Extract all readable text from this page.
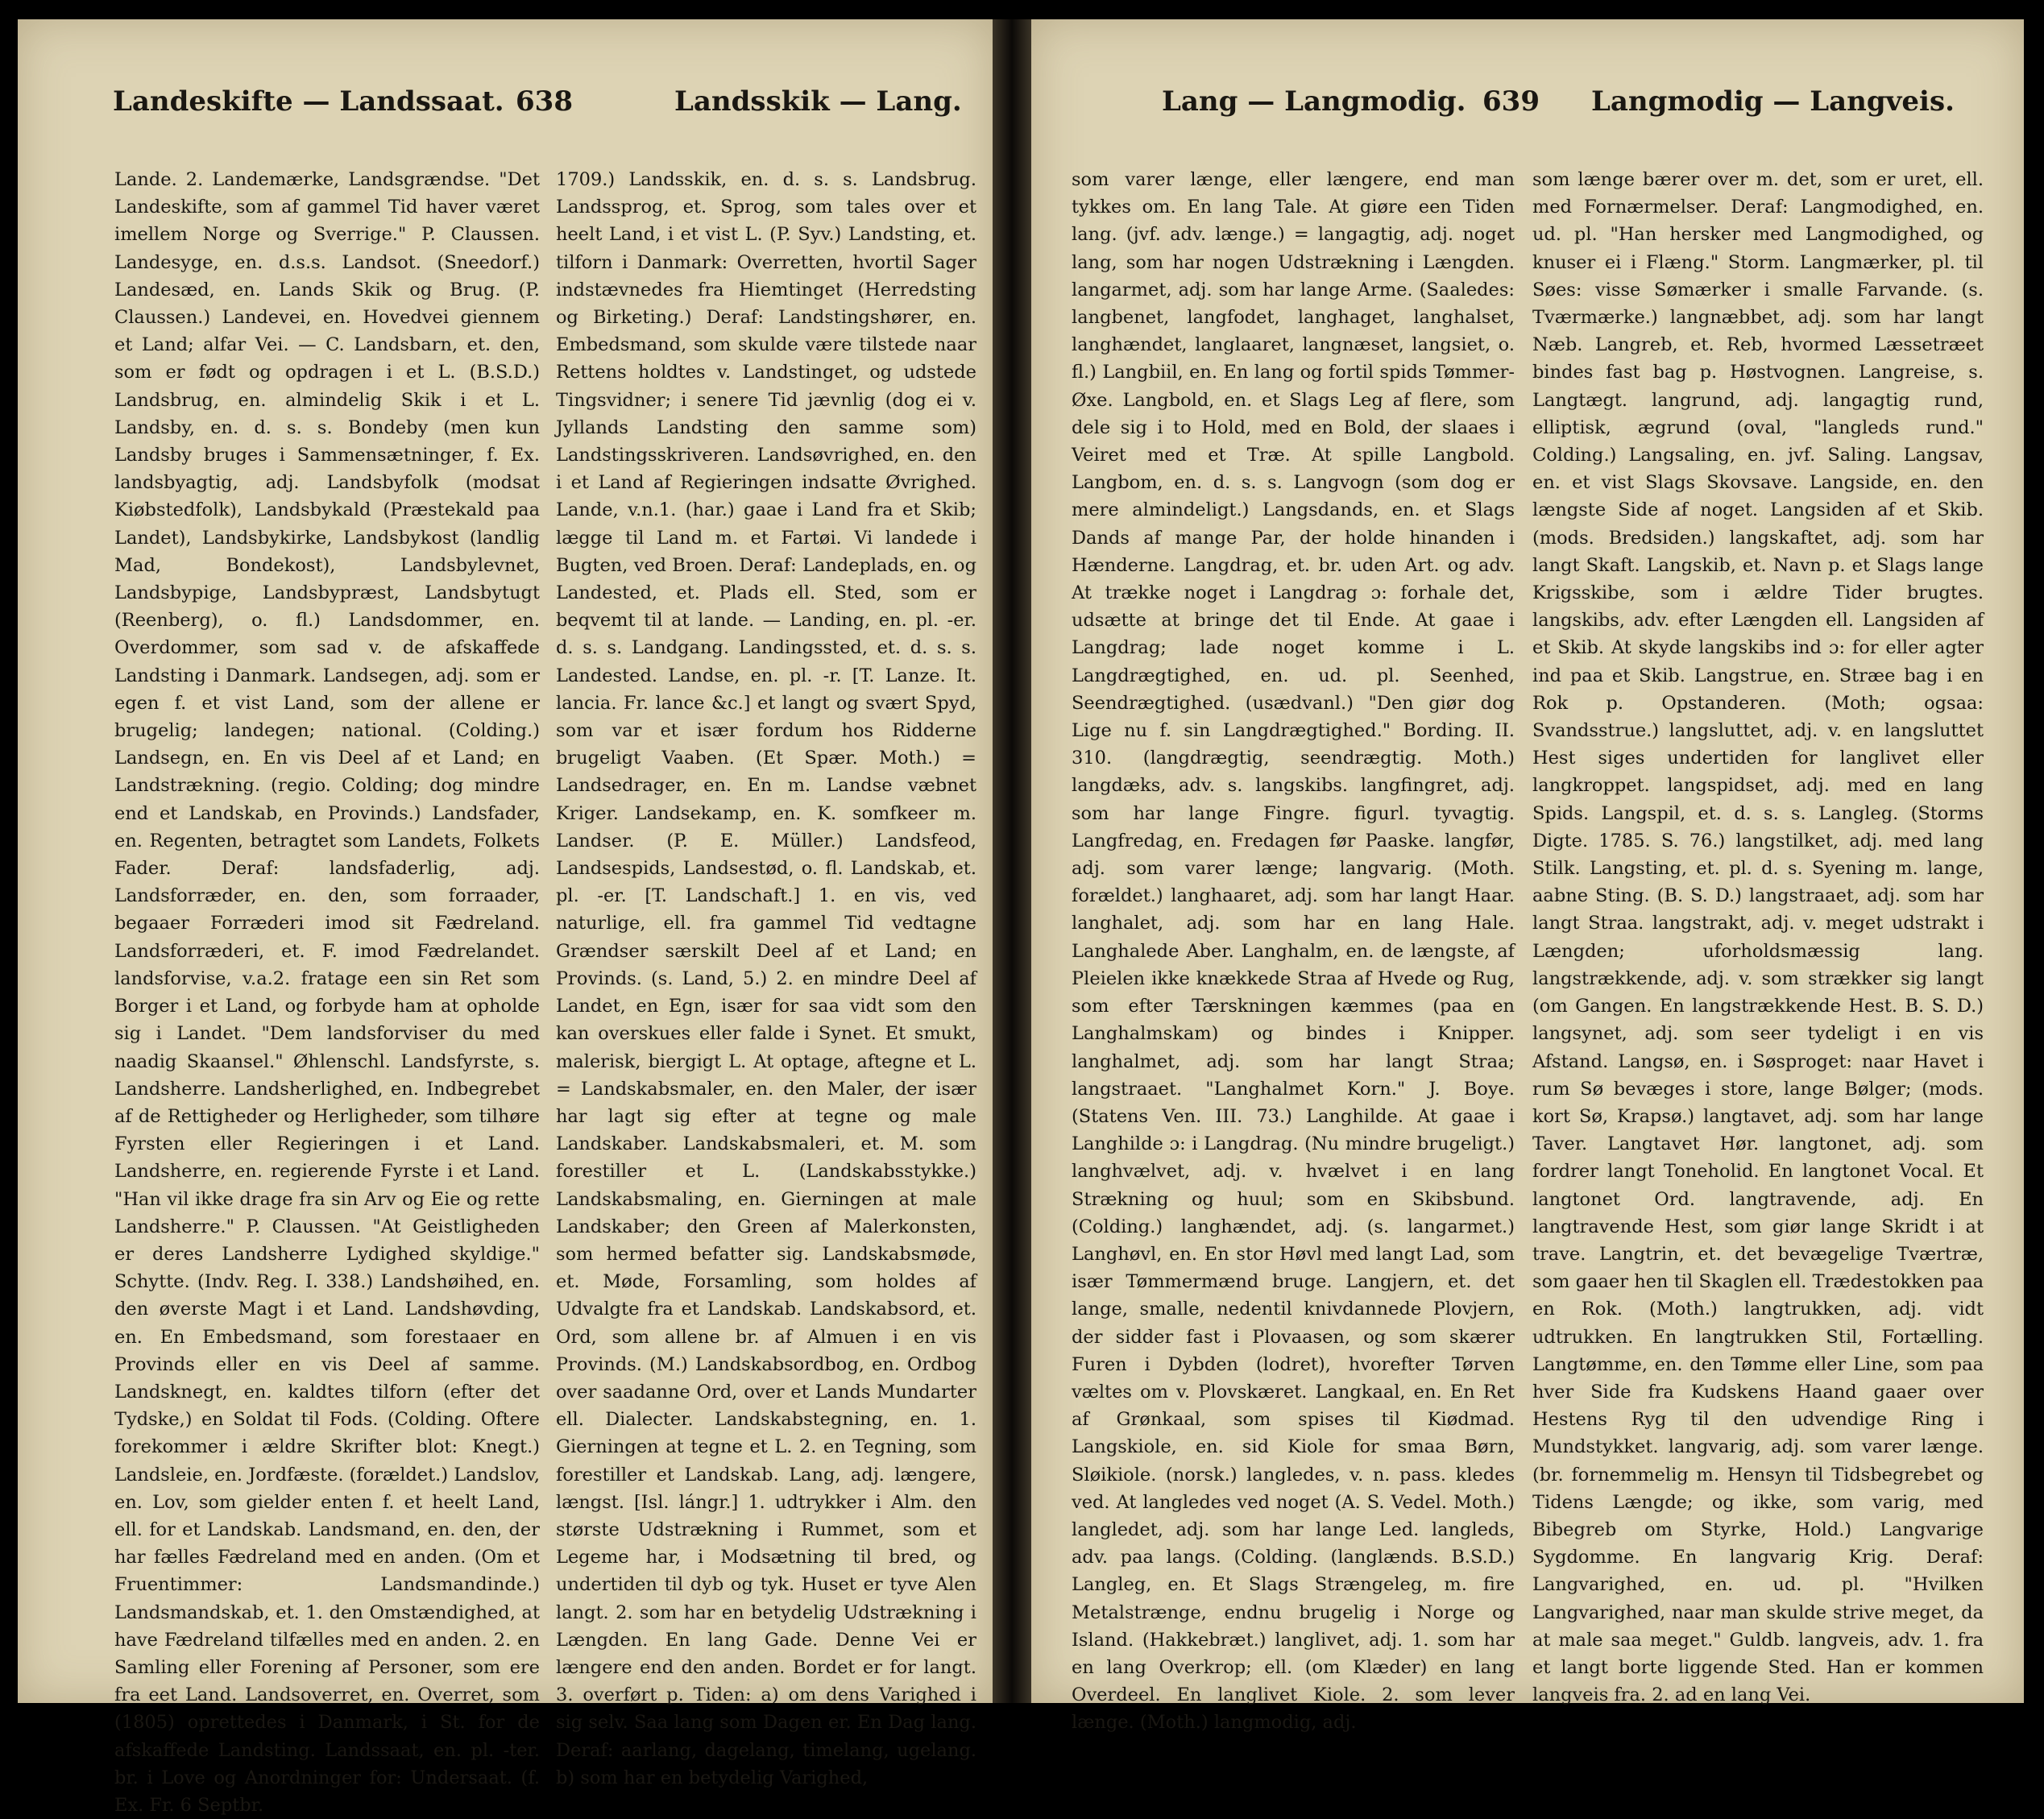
Landeskifte — Landssaat. 638	Landsskik — Lang.

Lande. 2. Landemærke, Landsgrændse. "Det Landeskifte, som af gammel Tid haver været imellem Norge og Sverrige." P. Claussen. Landesyge, en. d.s.s. Landsot. (Sneedorf.) Landesæd, en. Lands Skik og Brug. (P. Claussen.) Landevei, en. Hovedvei giennem et Land; alfar Vei. — C. Landsbarn, et. den, som er født og opdragen i et L. (B.S.D.) Landsbrug, en. almindelig Skik i et L. Landsby, en. d. s. s. Bondeby (men kun Landsby bruges i Sammensætninger, f. Ex. landsbyagtig, adj. Landsbyfolk (modsat Kiøbstedfolk), Landsbykald (Præstekald paa Landet), Landsbykirke, Landsbykost (landlig Mad, Bondekost), Landsbylevnet, Landsbypige, Landsbypræst, Landsbytugt (Reenberg), o. fl.) Landsdommer, en. Overdommer, som sad v. de afskaffede Landsting i Danmark. Landsegen, adj. som er egen f. et vist Land, som der allene er brugelig; landegen; national. (Colding.) Landsegn, en. En vis Deel af et Land; en Landstrækning. (regio. Colding; dog mindre end et Landskab, en Provinds.) Landsfader, en. Regenten, betragtet som Landets, Folkets Fader. Deraf: landsfaderlig, adj. Landsforræder, en. den, som forraader, begaaer Forræderi imod sit Fædreland. Landsforræderi, et. F. imod Fædrelandet. landsforvise, v.a.2. fratage een sin Ret som Borger i et Land, og forbyde ham at opholde sig i Landet. "Dem landsforviser du med naadig Skaansel." Øhlenschl. Landsfyrste, s. Landsherre. Landsherlighed, en. Indbegrebet af de Rettigheder og Herligheder, som tilhøre Fyrsten eller Regieringen i et Land. Landsherre, en. regierende Fyrste i et Land. "Han vil ikke drage fra sin Arv og Eie og rette Landsherre." P. Claussen. "At Geistligheden er deres Landsherre Lydighed skyldige." Schytte. (Indv. Reg. I. 338.) Landshøihed, en. den øverste Magt i et Land. Landshøvding, en. En Embedsmand, som forestaaer en Provinds eller en vis Deel af samme. Landsknegt, en. kaldtes tilforn (efter det Tydske,) en Soldat til Fods. (Colding. Oftere forekommer i ældre Skrifter blot: Knegt.) Landsleie, en. Jordfæste. (forældet.) Landslov, en. Lov, som gielder enten f. et heelt Land, ell. for et Landskab. Landsmand, en. den, der har fælles Fædreland med en anden. (Om et Fruentimmer: Landsmandinde.) Landsmandskab, et. 1. den Omstændighed, at have Fædreland tilfælles med en anden. 2. en Samling eller Forening af Personer, som ere fra eet Land. Landsoverret, en. Overret, som (1805) oprettedes i Danmark, i St. for de afskaffede Landsting. Landssaat, en. pl. -ter. br. i Love og Anordninger for: Undersaat. (f. Ex. Fr. 6 Septbr.

1709.) Landsskik, en. d. s. s. Landsbrug. Landssprog, et. Sprog, som tales over et heelt Land, i et vist L. (P. Syv.) Landsting, et. tilforn i Danmark: Overretten, hvortil Sager indstævnedes fra Hiemtinget (Herredsting og Birketing.) Deraf: Landstingshører, en. Embedsmand, som skulde være tilstede naar Rettens holdtes v. Landstinget, og udstede Tingsvidner; i senere Tid jævnlig (dog ei v. Jyllands Landsting den samme som) Landstingsskriveren. Landsøvrighed, en. den i et Land af Regieringen indsatte Øvrighed. Lande, v.n.1. (har.) gaae i Land fra et Skib; lægge til Land m. et Fartøi. Vi landede i Bugten, ved Broen. Deraf: Landeplads, en. og Landested, et. Plads ell. Sted, som er beqvemt til at lande. — Landing, en. pl. -er. d. s. s. Landgang. Landingssted, et. d. s. s. Landested. Landse, en. pl. -r. [T. Lanze. It. lancia. Fr. lance &c.] et langt og svært Spyd, som var et især fordum hos Ridderne brugeligt Vaaben. (Et Spær. Moth.) = Landsedrager, en. En m. Landse væbnet Kriger. Landsekamp, en. K. somfkeer m. Landser. (P. E. Müller.) Landsfeod, Landsespids, Landsestød, o. fl. Landskab, et. pl. -er. [T. Landschaft.] 1. en vis, ved naturlige, ell. fra gammel Tid vedtagne Grændser særskilt Deel af et Land; en Provinds. (s. Land, 5.) 2. en mindre Deel af Landet, en Egn, især for saa vidt som den kan overskues eller falde i Synet. Et smukt, malerisk, biergigt L. At optage, aftegne et L. = Landskabsmaler, en. den Maler, der især har lagt sig efter at tegne og male Landskaber. Landskabsmaleri, et. M. som forestiller et L. (Landskabsstykke.) Landskabsmaling, en. Gierningen at male Landskaber; den Green af Malerkonsten, som hermed befatter sig. Landskabsmøde, et. Møde, Forsamling, som holdes af Udvalgte fra et Landskab. Landskabsord, et. Ord, som allene br. af Almuen i en vis Provinds. (M.) Landskabsordbog, en. Ordbog over saadanne Ord, over et Lands Mundarter ell. Dialecter. Landskabstegning, en. 1. Gierningen at tegne et L. 2. en Tegning, som forestiller et Landskab. Lang, adj. længere, længst. [Isl. lángr.] 1. udtrykker i Alm. den største Udstrækning i Rummet, som et Legeme har, i Modsætning til bred, og undertiden til dyb og tyk. Huset er tyve Alen langt. 2. som har en betydelig Udstrækning i Længden. En lang Gade. Denne Vei er længere end den anden. Bordet er for langt. 3. overført p. Tiden: a) om dens Varighed i sig selv. Saa lang som Dagen er. En Dag lang. Deraf: aarlang, dagelang, timelang, ugelang. b) som har en betydelig Varighed,

Lang — Langmodig. 639 Langmodig — Langveis.

som varer længe, eller længere, end man tykkes om. En lang Tale. At giøre een Tiden lang. (jvf. adv. længe.) = langagtig, adj. noget lang, som har nogen Udstrækning i Længden. langarmet, adj. som har lange Arme. (Saaledes: langbenet, langfodet, langhaget, langhalset, langhændet, langlaaret, langnæset, langsiet, o. fl.) Langbiil, en. En lang og fortil spids Tømmer-Øxe. Langbold, en. et Slags Leg af flere, som dele sig i to Hold, med en Bold, der slaaes i Veiret med et Træ. At spille Langbold. Langbom, en. d. s. s. Langvogn (som dog er mere almindeligt.) Langsdands, en. et Slags Dands af mange Par, der holde hinanden i Hænderne. Langdrag, et. br. uden Art. og adv. At trække noget i Langdrag ɔ: forhale det, udsætte at bringe det til Ende. At gaae i Langdrag; lade noget komme i L. Langdrægtighed, en. ud. pl. Seenhed, Seendrægtighed. (usædvanl.) "Den giør dog Lige nu f. sin Langdrægtighed." Bording. II. 310. (langdrægtig, seendrægtig. Moth.) langdæks, adv. s. langskibs. langfingret, adj. som har lange Fingre. figurl. tyvagtig. Langfredag, en. Fredagen før Paaske. langfør, adj. som varer længe; langvarig. (Moth. forældet.) langhaaret, adj. som har langt Haar. langhalet, adj. som har en lang Hale. Langhalede Aber. Langhalm, en. de længste, af Pleielen ikke knækkede Straa af Hvede og Rug, som efter Tærskningen kæmmes (paa en Langhalmskam) og bindes i Knipper. langhalmet, adj. som har langt Straa; langstraaet. "Langhalmet Korn." J. Boye. (Statens Ven. III. 73.) Langhilde. At gaae i Langhilde ɔ: i Langdrag. (Nu mindre brugeligt.) langhvælvet, adj. v. hvælvet i en lang Strækning og huul; som en Skibsbund. (Colding.) langhændet, adj. (s. langarmet.) Langhøvl, en. En stor Høvl med langt Lad, som især Tømmermænd bruge. Langjern, et. det lange, smalle, nedentil knivdannede Plovjern, der sidder fast i Plovaasen, og som skærer Furen i Dybden (lodret), hvorefter Tørven væltes om v. Plovskæret. Langkaal, en. En Ret af Grønkaal, som spises til Kiødmad. Langskiole, en. sid Kiole for smaa Børn, Sløikiole. (norsk.) langledes, v. n. pass. kledes ved. At langledes ved noget (A. S. Vedel. Moth.) langledet, adj. som har lange Led. langleds, adv. paa langs. (Colding. (langlænds. B.S.D.) Langleg, en. Et Slags Strængeleg, m. fire Metalstrænge, endnu brugelig i Norge og Island. (Hakkebræt.) langlivet, adj. 1. som har en lang Overkrop; ell. (om Klæder) en lang Overdeel. En langlivet Kiole. 2. som lever længe. (Moth.) langmodig, adj.

som længe bærer over m. det, som er uret, ell. med Fornærmelser. Deraf: Langmodighed, en. ud. pl. "Han hersker med Langmodighed, og knuser ei i Flæng." Storm. Langmærker, pl. til Søes: visse Sømærker i smalle Farvande. (s. Tværmærke.) langnæbbet, adj. som har langt Næb. Langreb, et. Reb, hvormed Læssetræet bindes fast bag p. Høstvognen. Langreise, s. Langtægt. langrund, adj. langagtig rund, elliptisk, ægrund (oval, "langleds rund." Colding.) Langsaling, en. jvf. Saling. Langsav, en. et vist Slags Skovsave. Langside, en. den længste Side af noget. Langsiden af et Skib. (mods. Bredsiden.) langskaftet, adj. som har langt Skaft. Langskib, et. Navn p. et Slags lange Krigsskibe, som i ældre Tider brugtes. langskibs, adv. efter Længden ell. Langsiden af et Skib. At skyde langskibs ind ɔ: for eller agter ind paa et Skib. Langstrue, en. Stræe bag i en Rok p. Opstanderen. (Moth; ogsaa: Svandsstrue.) langsluttet, adj. v. en langsluttet Hest siges undertiden for langlivet eller langkroppet. langspidset, adj. med en lang Spids. Langspil, et. d. s. s. Langleg. (Storms Digte. 1785. S. 76.) langstilket, adj. med lang Stilk. Langsting, et. pl. d. s. Syening m. lange, aabne Sting. (B. S. D.) langstraaet, adj. som har langt Straa. langstrakt, adj. v. meget udstrakt i Længden; uforholdsmæssig lang. langstrækkende, adj. v. som strækker sig langt (om Gangen. En langstrækkende Hest. B. S. D.) langsynet, adj. som seer tydeligt i en vis Afstand. Langsø, en. i Søsproget: naar Havet i rum Sø bevæges i store, lange Bølger; (mods. kort Sø, Krapsø.) langtavet, adj. som har lange Taver. Langtavet Hør. langtonet, adj. som fordrer langt Toneholid. En langtonet Vocal. Et langtonet Ord. langtravende, adj. En langtravende Hest, som giør lange Skridt i at trave. Langtrin, et. det bevægelige Tværtræ, som gaaer hen til Skaglen ell. Trædestokken paa en Rok. (Moth.) langtrukken, adj. vidt udtrukken. En langtrukken Stil, Fortælling. Langtømme, en. den Tømme eller Line, som paa hver Side fra Kudskens Haand gaaer over Hestens Ryg til den udvendige Ring i Mundstykket. langvarig, adj. som varer længe. (br. fornemmelig m. Hensyn til Tidsbegrebet og Tidens Længde; og ikke, som varig, med Bibegreb om Styrke, Hold.) Langvarige Sygdomme. En langvarig Krig. Deraf: Langvarighed, en. ud. pl. "Hvilken Langvarighed, naar man skulde strive meget, da at male saa meget." Guldb. langveis, adv. 1. fra et langt borte liggende Sted. Han er kommen langveis fra. 2. ad en lang Vei.
